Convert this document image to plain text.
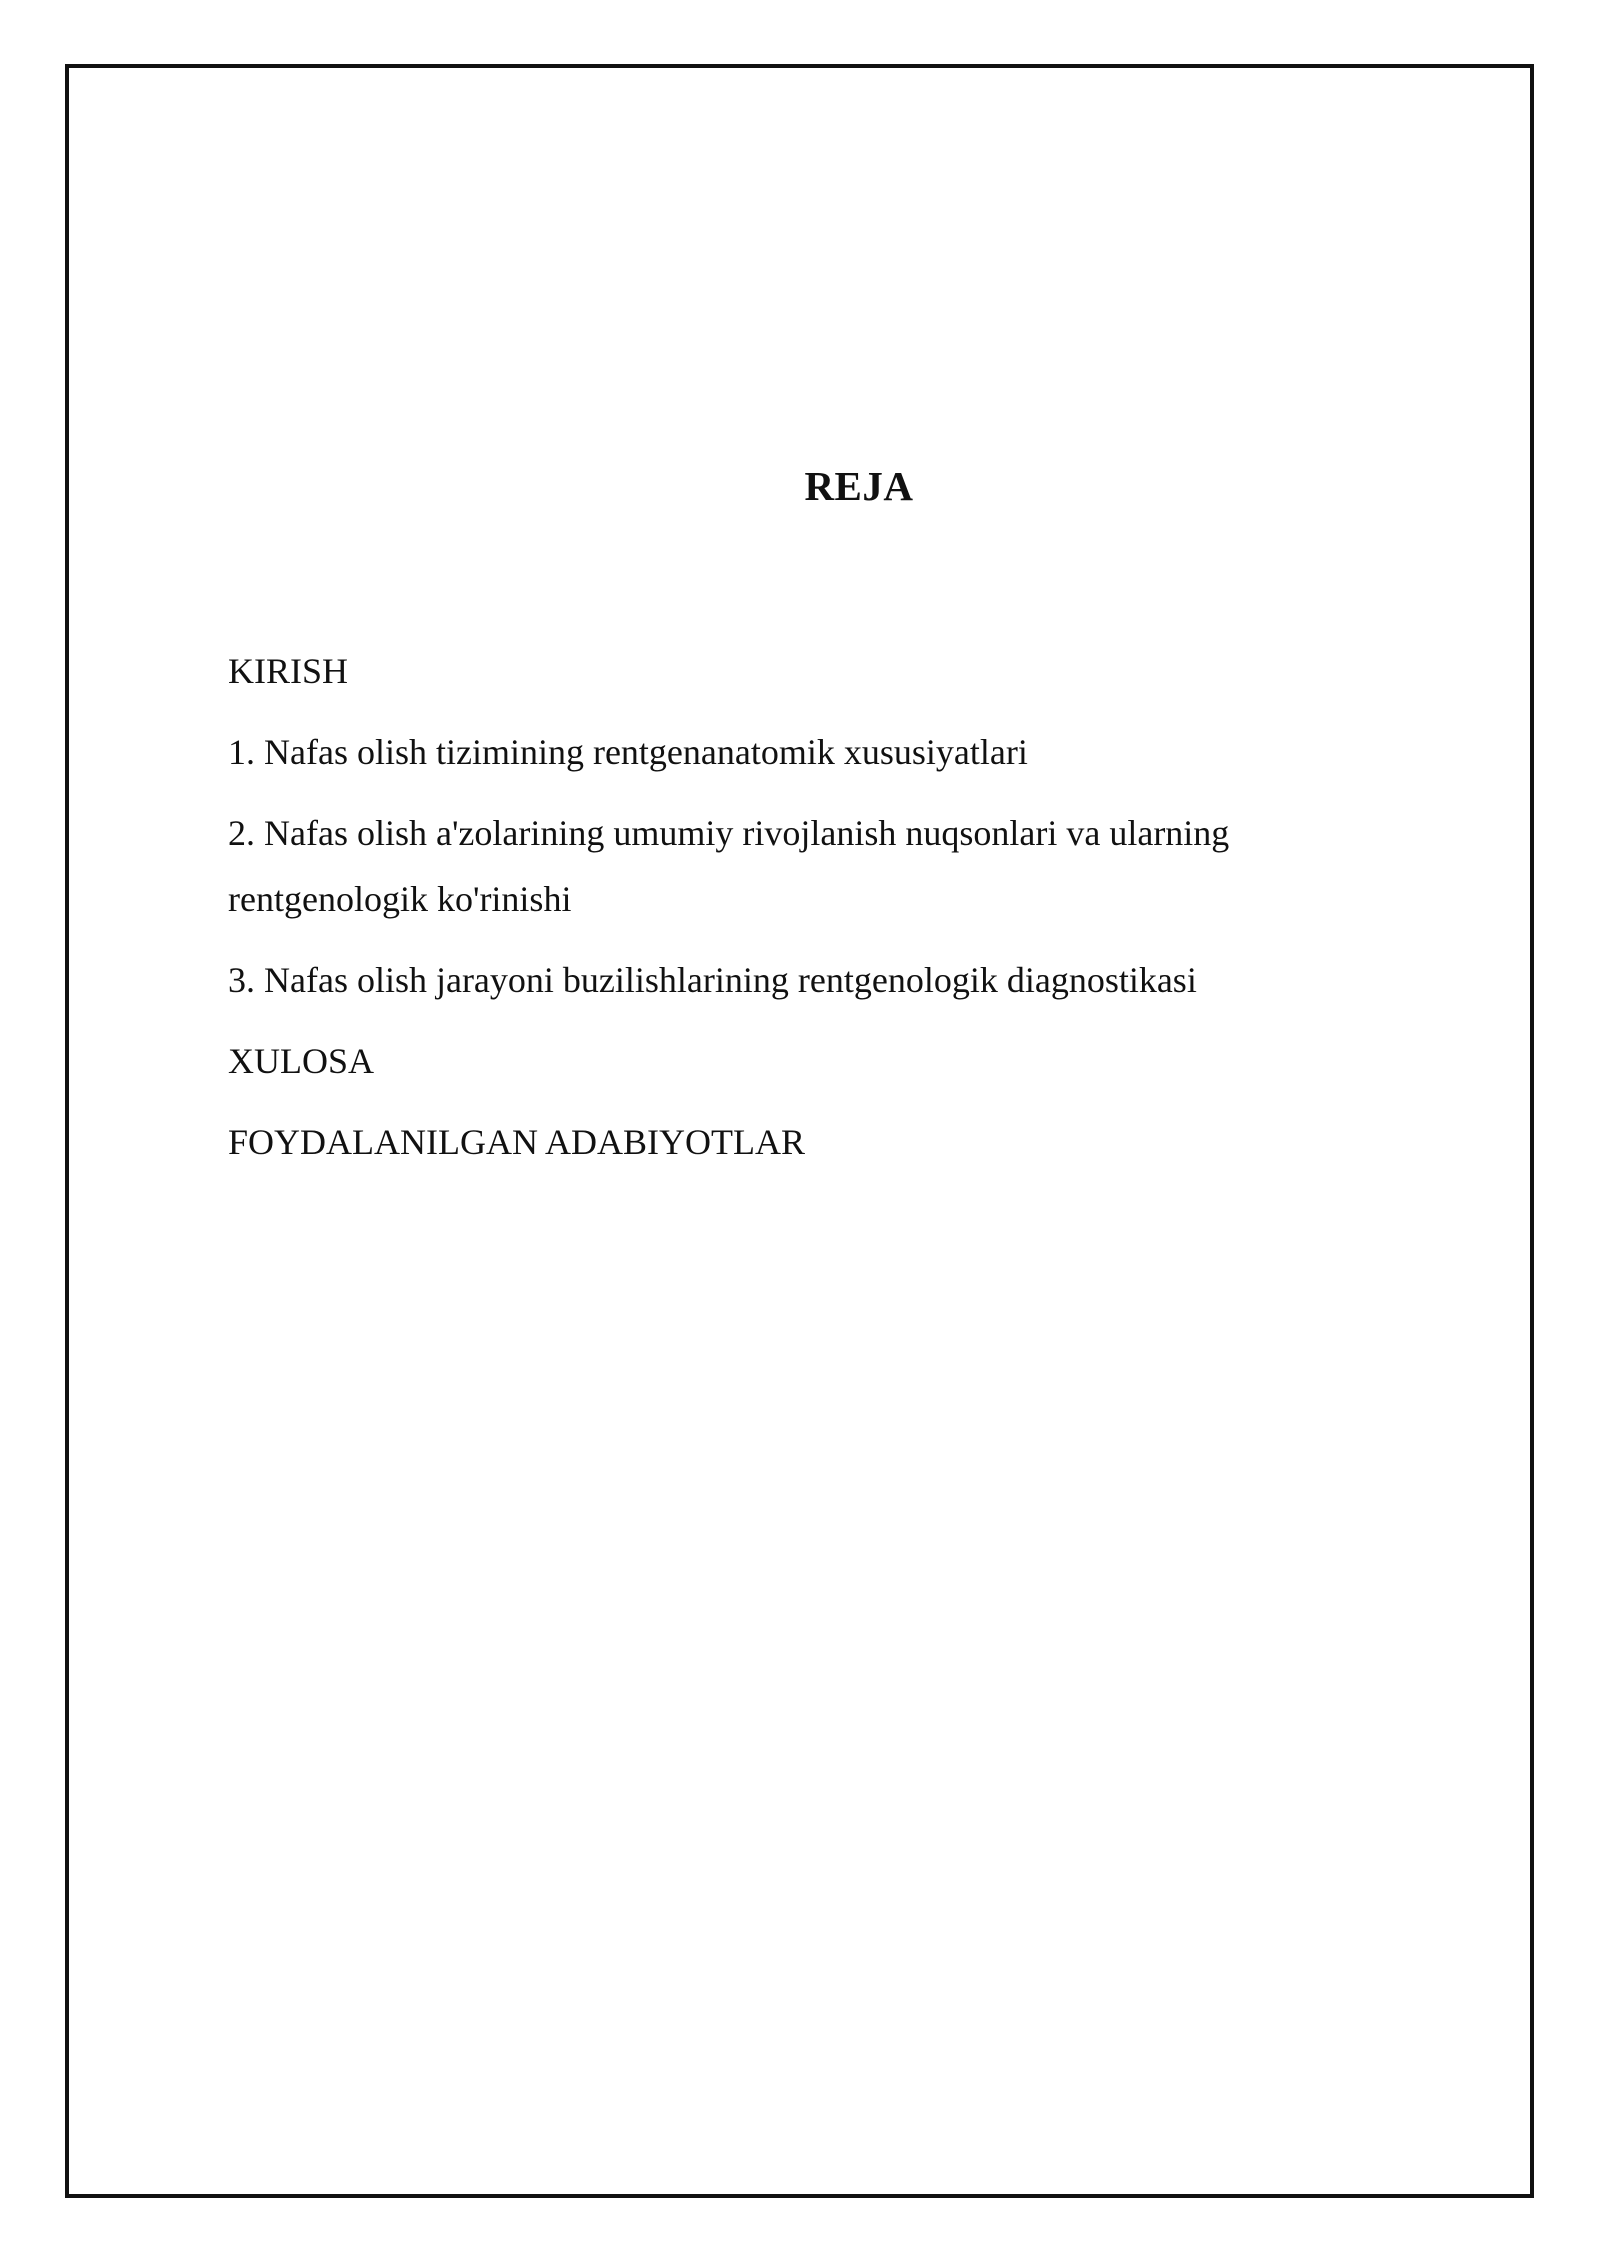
REJA
KIRISH
1. Nafas olish tizimining rentgenanatomik xususiyatlari
2. Nafas olish a'zolarining umumiy rivojlanish nuqsonlari va ularning
rentgenologik ko'rinishi
3. Nafas olish jarayoni buzilishlarining rentgenologik diagnostikasi
XULOSA
FOYDALANILGAN ADABIYOTLAR
